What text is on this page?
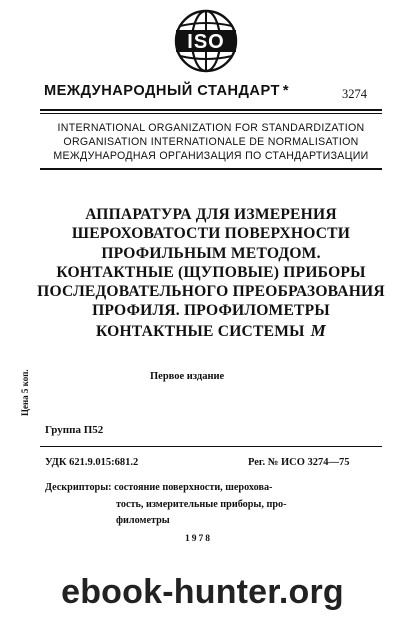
ISO
МЕЖДУНАРОДНЫЙ СТАНДАРТ *	3274
INTERNATIONAL ORGANIZATION FOR STANDARDIZATION
ORGANISATION INTERNATIONALE DE NORMALISATION
МЕЖДУНАРОДНАЯ ОРГАНИЗАЦИЯ ПО СТАНДАРТИЗАЦИИ
АППАРАТУРА ДЛЯ ИЗМЕРЕНИЯ
ШЕРОХОВАТОСТИ ПОВЕРХНОСТИ
ПРОФИЛЬНЫМ МЕТОДОМ.
КОНТАКТНЫЕ (ЩУПОВЫЕ) ПРИБОРЫ
ПОСЛЕДОВАТЕЛЬНОГО ПРЕОБРАЗОВАНИЯ
ПРОФИЛЯ. ПРОФИЛОМЕТРЫ
КОНТАКТНЫЕ СИСТЕМЫ M
Первое издание
Цена 5 коп.
Группа П52
УДК 621.9.015:681.2	Рег. № ИСО 3274—75
Дескрипторы: состояние поверхности, шерохова-
тость, измерительные приборы, про-
филометры
1978
ebook-hunter.org
